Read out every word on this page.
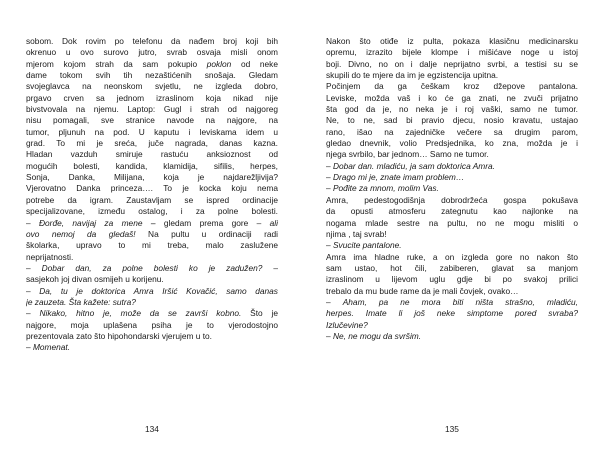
sobom. Dok rovim po telefonu da nađem broj koji bih
okrenuo u ovo surovo jutro, svrab osvaja misli onom
mjerom kojom strah da sam pokupio poklon od neke
dame tokom svih tih nezaštićenih snošaja. Gledam
svojeglavca na neonskom svjetlu, ne izgleda dobro,
prgavo crven sa jednom izraslinom koja nikad nije
bivstvovala na njemu. Laptop: Gugl i strah od najgoreg
nisu pomagali, sve stranice navode na najgore, na
tumor, pljunuh na pod. U kaputu i leviskama idem u
grad. To mi je srećа, juče nagrada, danas kazna.
Hladan vazduh smiruje rastuću anksioznost od
mogućih bolesti, kandida, klamidija, sifilis, herpes,
Sonja, Danka, Milijana, koja je najdarežljivija?
Vjerovatno Danka princeza…. To je kocka koju nema
potrebe da igram. Zaustavljam se ispred ordinacije
specijalizovane, između ostalog, i za polne bolesti.
– Đorđe, navijaj za mene – gledam prema gore – ali
ovo nemoj da gledaš! Na pultu u ordinaciji radi
školarka, upravo to mi treba, malo zaslužene
neprijatnosti.
– Dobar dan, za polne bolesti ko je zadužen? –
sasjekoh joj divan osmijeh u korijenu.
– Da, tu je doktorica Amra Iršić Kovačić, samo danas
je zauzeta. Šta kažete: sutra?
– Nikako, hitno je, može da se završi kobno. Što je
najgore, moja uplašena psiha je to vjerodostojno
prezentovala zato što hipohondarski vjerujem u to.
– Momenat.
134
Nakon što otiđe iz pulta, pokaza klasičnu medicinarsku
opremu, izrazito bijele klompe i mišićave noge u istoj
boji. Divno, no on i dalje neprijatno svrbi, a testisi su se
skupili do te mjere da im je egzistencija upitna.
Počinjem da ga češkam kroz džepove pantalona.
Leviske, možda vaš i ko će ga znati, ne zvuči prijatno
šta god da je, no neka je i roj vaški, samo ne tumor.
Ne, to ne, sad bi pravio djecu, nosio kravatu, ustajao
rano, išao na zajedničke večere sa drugim parom,
gledao dnevnik, volio Predsjednika, ko zna, možda je i
njega svrbilo, bar jednom… Samo ne tumor.
– Dobar dan. mladiću, ja sam doktorica Amra.
– Drago mi je, znate imam problem…
– Pođite za mnom, molim Vas.
Amra, pedestogodišnja dobrodržeća gospa pokušava
da opusti atmosferu zategnutu kao najlonke na
nogama mlade sestre na pultu, no ne mogu misliti o
njima , taj svrab!
– Svucite pantalone.
Amra ima hladne ruke, a on izgleda gore no nakon što
sam ustao, hot čili, zabiberen, glavat sa manjom
izraslinom u lijevom uglu gdje bi po svakoj prilici
trebalo da mu bude rame da je mali čovjek, ovako…
– Aham, pa ne mora biti ništa strašno, mladiću,
herpes. Imate li još neke simptome pored svraba?
Izlučevine?
– Ne, ne mogu da svršim.
135
